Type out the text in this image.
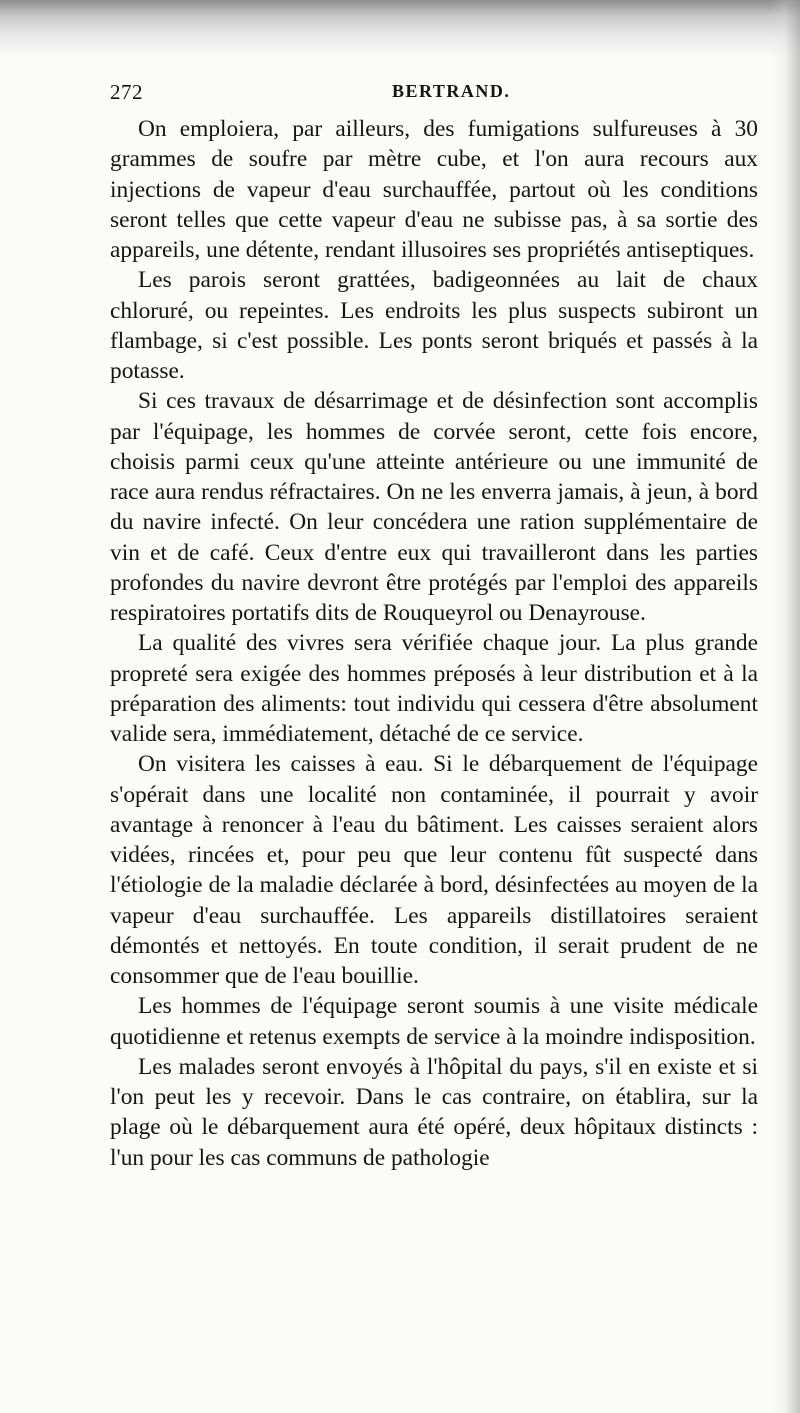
272	BERTRAND.

On emploiera, par ailleurs, des fumigations sulfureuses à 30 grammes de soufre par mètre cube, et l'on aura recours aux injections de vapeur d'eau surchauffée, partout où les conditions seront telles que cette vapeur d'eau ne subisse pas, à sa sortie des appareils, une détente, rendant illusoires ses propriétés antiseptiques.

Les parois seront grattées, badigeonnées au lait de chaux chloruré, ou repeintes. Les endroits les plus suspects subiront un flambage, si c'est possible. Les ponts seront briqués et passés à la potasse.

Si ces travaux de désarrimage et de désinfection sont accomplis par l'équipage, les hommes de corvée seront, cette fois encore, choisis parmi ceux qu'une atteinte antérieure ou une immunité de race aura rendus réfractaires. On ne les enverra jamais, à jeun, à bord du navire infecté. On leur concédera une ration supplémentaire de vin et de café. Ceux d'entre eux qui travailleront dans les parties profondes du navire devront être protégés par l'emploi des appareils respiratoires portatifs dits de Rouqueyrol ou Denayrouse.

La qualité des vivres sera vérifiée chaque jour. La plus grande propreté sera exigée des hommes préposés à leur distribution et à la préparation des aliments: tout individu qui cessera d'être absolument valide sera, immédiatement, détaché de ce service.

On visitera les caisses à eau. Si le débarquement de l'équipage s'opérait dans une localité non contaminée, il pourrait y avoir avantage à renoncer à l'eau du bâtiment. Les caisses seraient alors vidées, rincées et, pour peu que leur contenu fût suspecté dans l'étiologie de la maladie déclarée à bord, désinfectées au moyen de la vapeur d'eau surchauffée. Les appareils distillatoires seraient démontés et nettoyés. En toute condition, il serait prudent de ne consommer que de l'eau bouillie.

Les hommes de l'équipage seront soumis à une visite médicale quotidienne et retenus exempts de service à la moindre indisposition.

Les malades seront envoyés à l'hôpital du pays, s'il en existe et si l'on peut les y recevoir. Dans le cas contraire, on établira, sur la plage où le débarquement aura été opéré, deux hôpitaux distincts : l'un pour les cas communs de pathologie
